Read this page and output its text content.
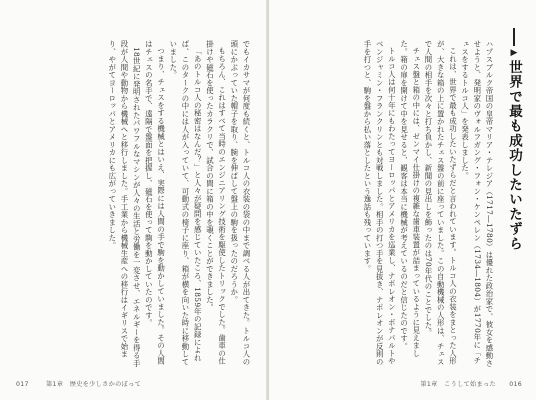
でもイカサマが何度も続くと、トルコ人の衣装の袋の中まで調べる人が出てきた。トルコ人の頭にかぶっていた帽子を取り、腕を伸ばして盤上の駒を扱ったのだろうか。

もちろん、これはすべて当時のエンジニアリング技術を駆使したトリックでした。歯車の仕掛けや磁石を使ったカラクリで、試合の間に箱の中を覗くことができました。

「あのトルコ人の秘密はなんだ？」と人々が疑問を感じていたころ、1859年の記録によれば、このタークの中には人が入っていて、可動式の椅子に座り、箱が横を向いた時に移動していました。

つまり、チェスをする機械とはいえ、実際には人間の手で駒を動かしていました。その人間はチェスの名手で、遠隔で盤面を把握し、磁石を使って駒を動かしていたのです。

18世紀に発明されたパワフルなマシンが人々の生活と労働を一変させ、エネルギーを得る手段が人間や動物から機械へと移行しました。手工業から機械生産への移行はイギリスで始まり、やがてヨーロッパとアメリカにも広がっていきました。

017	第1章　歴史を少しさかのぼって

ハプスブルク帝国の皇帝マリア・テレジア（1717―1780）は優れた政治家で、彼女を感動させようと、発明家のヴォルフガング・フォン・ケンペレン（1734―1804）が1770年に「チェスをするトルコ人」を発表しました。

これは、世界で最も成功したいたずらだと言われています。トルコ人の衣装をまとった人形が、大きな箱の上に置かれたチェス盤の前に座っていました。この自動機械の人形は、チェスで人間の相手を次々と打ち負かし、新聞の見出しを飾ったのは70年代のことでした。

チェス盤と箱の中には、ゼンマイ仕掛けの複雑な歯車装置が詰まっているように見えました。箱の扉を開けて中を見せると、観客は本当に機械が考えているのだと信じたのです。

トルコ人は何十年にもわたってヨーロッパとアメリカを巡業し、ナポレオン・ボナパルトやベンジャミン・フランクリンとも対戦しました。相手の打つ手を見抜き、ナポレオンが反則の手を打つと、駒を盤から払い落としたという逸話も残っています。	▶
世界で最も成功したいたずら
第1章　こうして始まった 016
